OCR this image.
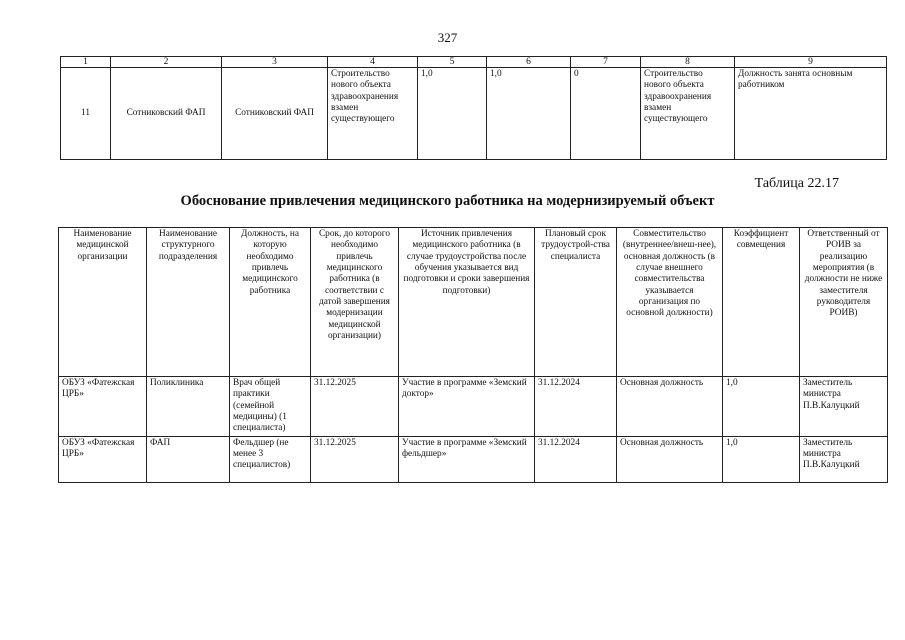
327
1	2	3	4	5	6	7	8	9
11	Сотниковский ФАП	Сотниковский ФАП	Строительство нового объекта здравоохранения взамен существующего	1,0	1,0	0	Строительство нового объекта здравоохранения взамен существующего	Должность занята основным работником
Таблица 22.17
Обоснование привлечения медицинского работника на модернизируемый объект
Наименование медицинской организации	Наименование структурного подразделения	Должность, на которую необходимо привлечь медицинского работника	Срок, до которого необходимо привлечь медицинского работника (в соответствии с датой завершения модернизации медицинской организации)	Источник привлечения медицинского работника (в случае трудоустройства после обучения указывается вид подготовки и сроки завершения подготовки)	Плановый срок трудоустрой-ства специалиста	Совместительство (внутреннее/внеш-нее), основная должность (в случае внешнего совместительства указывается организация по основной должности)	Коэффициент совмещения	Ответственный от РОИВ за реализацию мероприятия (в должности не ниже заместителя руководителя РОИВ)
ОБУЗ «Фатежская ЦРБ»	Поликлиника	Врач общей практики (семейной медицины) (1 специалиста)	31.12.2025	Участие в программе «Земский доктор»	31.12.2024	Основная должность	1,0	Заместитель министра П.В.Калуцкий
ОБУЗ «Фатежская ЦРБ»	ФАП	Фельдшер (не менее 3 специалистов)	31.12.2025	Участие в программе «Земский фельдшер»	31.12.2024	Основная должность	1,0	Заместитель министра П.В.Калуцкий
